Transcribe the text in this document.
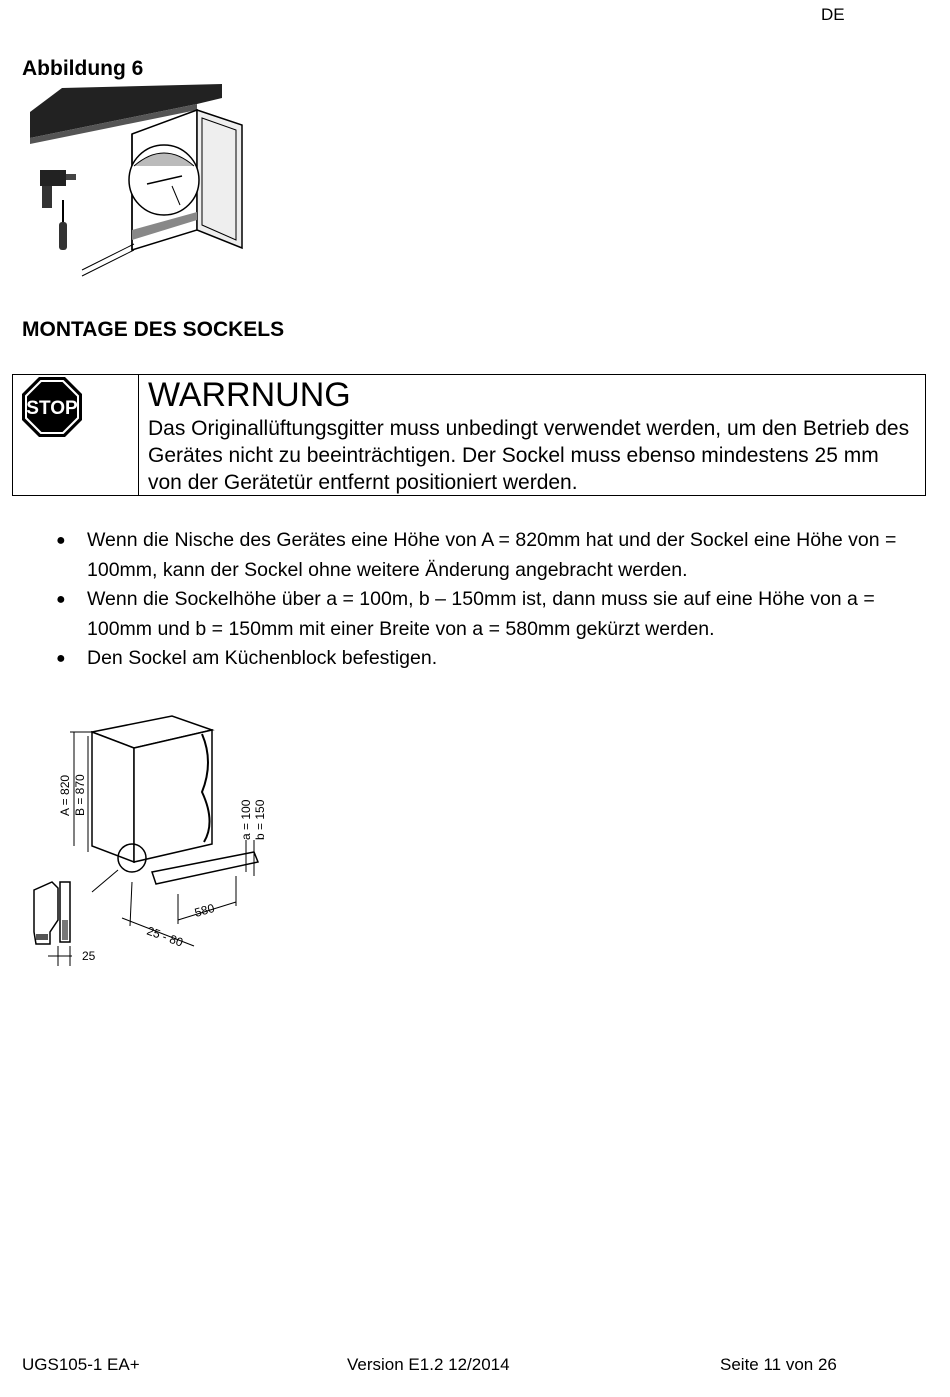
DE
Abbildung 6
MONTAGE DES SOCKELS
STOP WARRNUNG
Das Originallüftungsgitter muss unbedingt verwendet werden, um den Betrieb des Gerätes nicht zu beeinträchtigen. Der Sockel muss ebenso mindestens 25 mm von der Gerätetür entfernt positioniert werden.
● Wenn die Nische des Gerätes eine Höhe von A = 820mm hat und der Sockel eine Höhe von = 100mm, kann der Sockel ohne weitere Änderung angebracht werden.
● Wenn die Sockelhöhe über a = 100m, b – 150mm ist, dann muss sie auf eine Höhe von a = 100mm und b = 150mm mit einer Breite von a = 580mm gekürzt werden.
● Den Sockel am Küchenblock befestigen.
A = 820 B = 870
a = 100 b = 150
580
25 - 80
25
UGS105-1 EA+	Version E1.2 12/2014	Seite 11 von 26
